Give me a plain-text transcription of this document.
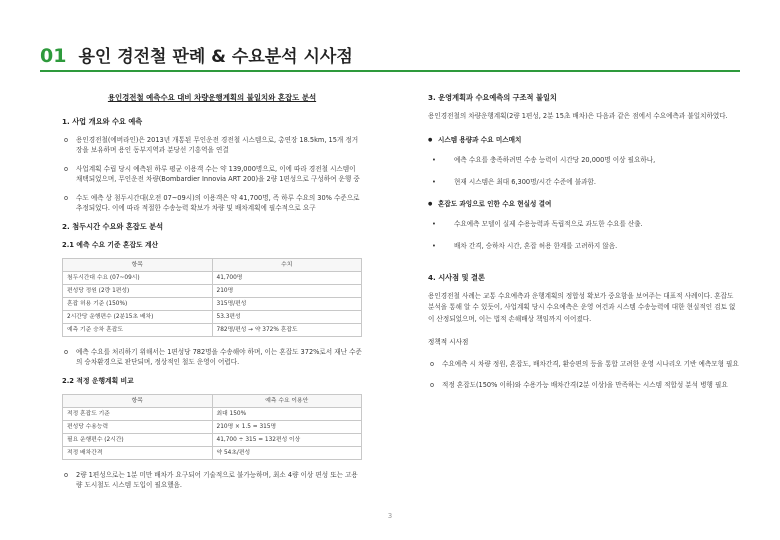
01 용인 경전철 판례 & 수요분석 시사점
용인경전철 예측수요 대비 차량운행계획의 불일치와 혼잡도 분석
1. 사업 개요와 수요 예측
o 용인경전철(에버라인)은 2013년 개통된 무인운전 경전철 시스템으로, 총연장 18.5km, 15개 정거장을 보유하며 용인 동부지역과 분당선 기흥역을 연결
o 사업계획 수립 당시 예측된 하루 평균 이용객 수는 약 139,000명으로, 이에 따라 경전철 시스템이 채택되었으며, 무인운전 차량(Bombardier Innovia ART 200)을 2량 1편성으로 구성하여 운행 중
o 수도 예측 상 첨두시간대(오전 07~09시)의 이용객은 약 41,700명, 즉 하루 수요의 30% 수준으로 추정되었다. 이에 따라 적절한 수송능력 확보가 차량 및 배차계획에 필수적으로 요구
2. 첨두시간 수요와 혼잡도 분석
2.1 예측 수요 기준 혼잡도 계산
항목	수치
첨두시간대 수요 (07~09시)	41,700명
편성당 정원 (2량 1편성)	210명
혼잡 허용 기준 (150%)	315명/편성
2시간당 운행편수 (2분15초 배차)	53.3편성
예측 기준 승차 혼잡도	782명/편성 → 약 372% 혼잡도
o 예측 수요를 처리하기 위해서는 1편성당 782명을 수송해야 하며, 이는 혼잡도 372%로서 재난 수준의 승차환경으로 판단되며, 정상적인 철도 운영이 어렵다.
2.2 적정 운행계획 비교
항목	예측 수요 이용안
적정 혼잡도 기준	최대 150%
편성당 수용능력	210명 × 1.5 = 315명
필요 운행편수 (2시간)	41,700 ÷ 315 = 132편성 이상
적정 배차간격	약 54초/편성
o 2량 1편성으로는 1분 미만 배차가 요구되어 기술적으로 불가능하며, 최소 4량 이상 편성 또는 고용량 도시철도 시스템 도입이 필요했음.
3. 운영계획과 수요예측의 구조적 불일치
용인경전철의 차량운행계획(2량 1편성, 2분 15초 배차)은 다음과 같은 점에서 수요예측과 불일치하였다.
● 시스템 용량과 수요 미스매치
• 예측 수요를 충족하려면 수송 능력이 시간당 20,000명 이상 필요하나,
• 현재 시스템은 최대 6,300명/시간 수준에 불과함.
● 혼잡도 과잉으로 인한 수요 현실성 결여
• 수요예측 모델이 실제 수용능력과 독립적으로 과도한 수요를 산출.
• 배차 간격, 승하차 시간, 혼잡 허용 한계를 고려하지 않음.
4. 시사점 및 결론
용인경전철 사례는 교통 수요예측과 운행계획의 정합성 확보가 중요함을 보여주는 대표적 사례이다. 혼잡도 분석을 통해 알 수 있듯이, 사업계획 당시 수요예측은 운영 여건과 시스템 수송능력에 대한 현실적인 검토 없이 산정되었으며, 이는 법적 손해배상 책임까지 이어졌다.
정책적 시사점
o 수요예측 시 차량 정원, 혼잡도, 배차간격, 환승편의 등을 통합 고려한 운영 시나리오 기반 예측모형 필요
o 적정 혼잡도(150% 이하)와 수용가능 배차간격(2분 이상)을 만족하는 시스템 적합성 분석 병행 필요
3
